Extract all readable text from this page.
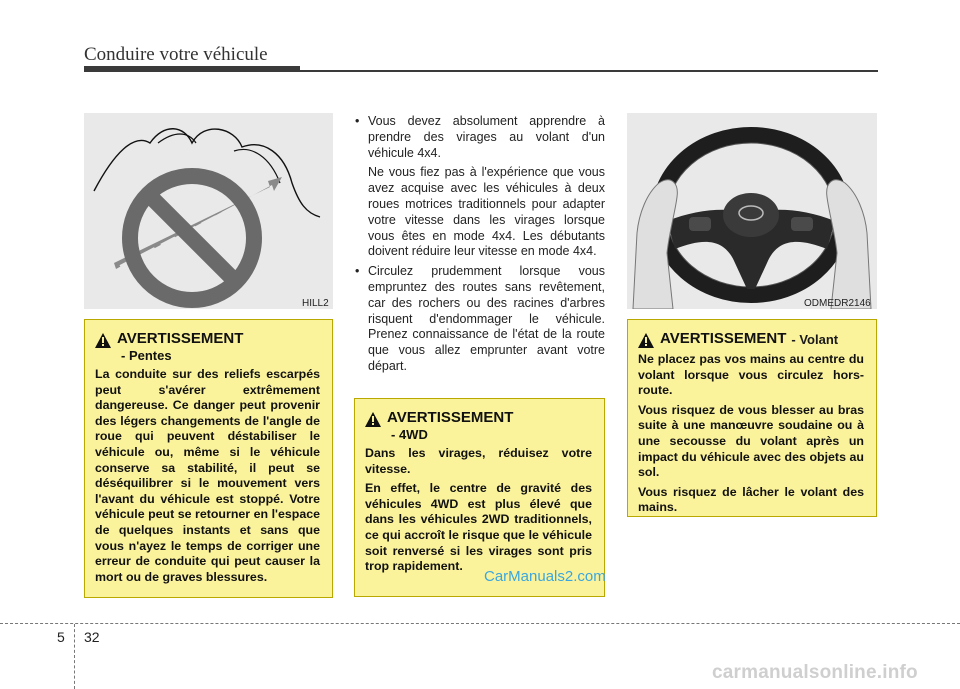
Conduire votre véhicule
HILL2	ODMEDR2146
AVERTISSEMENT
- Pentes

La conduite sur des reliefs escarpés peut s'avérer extrêmement dangereuse. Ce danger peut provenir des légers changements de l'angle de roue qui peuvent déstabiliser le véhicule ou, même si le véhicule conserve sa stabilité, il peut se déséquilibrer si le mouvement vers l'avant du véhicule est stoppé. Votre véhicule peut se retourner en l'espace de quelques instants et sans que vous n'ayez le temps de corriger une erreur de conduite qui peut causer la mort ou de graves blessures.

• Vous devez absolument apprendre à prendre des virages au volant d'un véhicule 4x4.

Ne vous fiez pas à l'expérience que vous avez acquise avec les véhicules à deux roues motrices traditionnels pour adapter votre vitesse dans les virages lorsque vous êtes en mode 4x4. Les débutants doivent réduire leur vitesse en mode 4x4.

• Circulez prudemment lorsque vous empruntez des routes sans revêtement, car des rochers ou des racines d'arbres risquent d'endommager le véhicule. Prenez connaissance de l'état de la route que vous allez emprunter avant votre départ.

AVERTISSEMENT
- 4WD

Dans les virages, réduisez votre vitesse.

En effet, le centre de gravité des véhicules 4WD est plus élevé que dans les véhicules 2WD traditionnels, ce qui accroît le risque que le véhicule soit renversé si les virages sont pris trop rapidement.

AVERTISSEMENT - Volant

Ne placez pas vos mains au centre du volant lorsque vous circulez hors-route.

Vous risquez de vous blesser au bras suite à une manœuvre soudaine ou à une secousse du volant après un impact du véhicule avec des objets au sol.

Vous risquez de lâcher le volant des mains.

CarManuals2.com
5 32
carmanualsonline.info
